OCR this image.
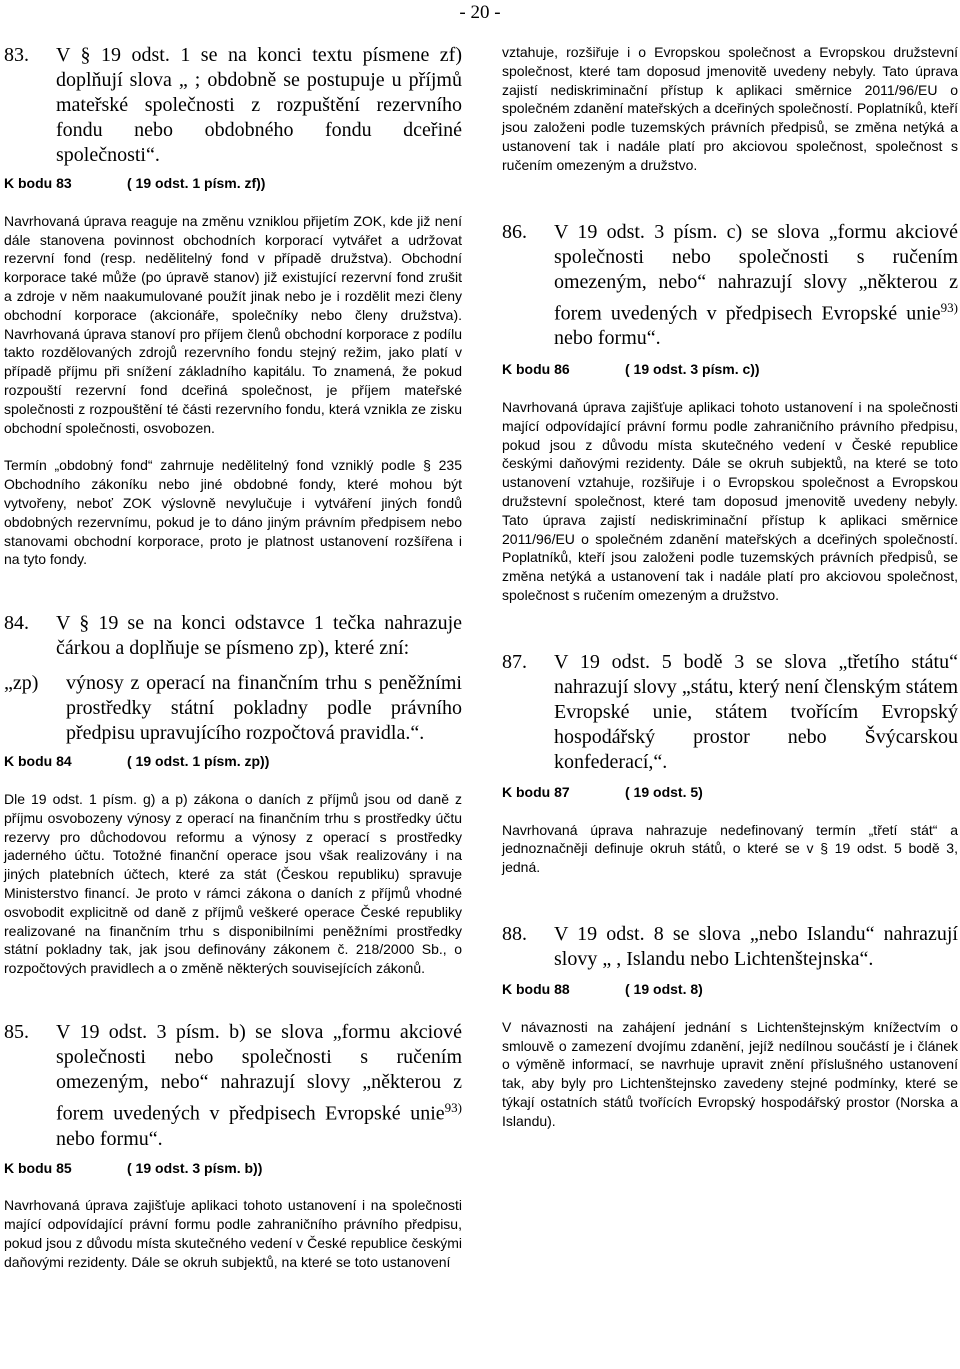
- 20 -
83.	V § 19 odst. 1 se na konci textu písmene zf) doplňují slova „ ; obdobně se postupuje u příjmů mateřské společnosti z rozpuštění rezervního fondu nebo obdobného fondu dceřiné společnosti“.
K bodu 83	( 19 odst. 1 písm. zf))

Navrhovaná úprava reaguje na změnu vzniklou přijetím ZOK, kde již není dále stanovena povinnost obchodních korporací vytvářet a udržovat rezervní fond (resp. nedělitelný fond v případě družstva). Obchodní korporace také může (po úpravě stanov) již existující rezervní fond zrušit a zdroje v něm naakumulované použít jinak nebo je i rozdělit mezi členy obchodní korporace (akcionáře, společníky nebo členy družstva). Navrhovaná úprava stanoví pro příjem členů obchodní korporace z podílu takto rozdělovaných zdrojů rezervního fondu stejný režim, jako platí v případě příjmu při snížení základního kapitálu. To znamená, že pokud rozpouští rezervní fond dceřiná společnost, je příjem mateřské společnosti z rozpouštění té části rezervního fondu, která vznikla ze zisku obchodní společnosti, osvobozen.

Termín „obdobný fond“ zahrnuje nedělitelný fond vzniklý podle § 235 Obchodního zákoníku nebo jiné obdobné fondy, které mohou být vytvořeny, neboť ZOK výslovně nevylučuje i vytváření jiných fondů obdobných rezervnímu, pokud je to dáno jiným právním předpisem nebo stanovami obchodní korporace, proto je platnost ustanovení rozšířena i na tyto fondy.

84.	V § 19 se na konci odstavce 1 tečka nahrazuje čárkou a doplňuje se písmeno zp), které zní:
„zp)	výnosy z operací na finančním trhu s peněžními prostředky státní pokladny podle právního předpisu upravujícího rozpočtová pravidla.“.
K bodu 84	( 19 odst. 1 písm. zp))

Dle 19 odst. 1 písm. g) a p) zákona o daních z příjmů jsou od daně z příjmu osvobozeny výnosy z operací na finančním trhu s prostředky účtu rezervy pro důchodovou reformu a výnosy z operací s prostředky jaderného účtu. Totožné finanční operace jsou však realizovány i na jiných platebních účtech, které za stát (Českou republiku) spravuje Ministerstvo financí. Je proto v rámci zákona o daních z příjmů vhodné osvobodit explicitně od daně z příjmů veškeré operace České republiky realizované na finančním trhu s disponibilními peněžními prostředky státní pokladny tak, jak jsou definovány zákonem č. 218/2000 Sb., o rozpočtových pravidlech a o změně některých souvisejících zákonů.

85.	V 19 odst. 3 písm. b) se slova „formu akciové společnosti nebo společnosti s ručením omezeným, nebo“ nahrazují slovy „některou z forem uvedených v předpisech Evropské unie$^{93)}$ nebo formu“.
K bodu 85	( 19 odst. 3 písm. b))

Navrhovaná úprava zajišťuje aplikaci tohoto ustanovení i na společnosti mající odpovídající právní formu podle zahraničního právního předpisu, pokud jsou z důvodu místa skutečného vedení v České republice českými daňovými rezidenty. Dále se okruh subjektů, na které se toto ustanovení

vztahuje, rozšiřuje i o Evropskou společnost a Evropskou družstevní společnost, které tam doposud jmenovitě uvedeny nebyly. Tato úprava zajistí nediskriminační přístup k aplikaci směrnice 2011/96/EU o společném zdanění mateřských a dceřiných společností. Poplatníků, kteří jsou založeni podle tuzemských právních předpisů, se změna netýká a ustanovení tak i nadále platí pro akciovou společnost, společnost s ručením omezeným a družstvo.

86.	V 19 odst. 3 písm. c) se slova „formu akciové společnosti nebo společnosti s ručením omezeným, nebo“ nahrazují slovy „některou z forem uvedených v předpisech Evropské unie$^{93)}$ nebo formu“.
K bodu 86	( 19 odst. 3 písm. c))

Navrhovaná úprava zajišťuje aplikaci tohoto ustanovení i na společnosti mající odpovídající právní formu podle zahraničního právního předpisu, pokud jsou z důvodu místa skutečného vedení v České republice českými daňovými rezidenty. Dále se okruh subjektů, na které se toto ustanovení vztahuje, rozšiřuje i o Evropskou společnost a Evropskou družstevní společnost, které tam doposud jmenovitě uvedeny nebyly. Tato úprava zajistí nediskriminační přístup k aplikaci směrnice 2011/96/EU o společném zdanění mateřských a dceřiných společností. Poplatníků, kteří jsou založeni podle tuzemských právních předpisů, se změna netýká a ustanovení tak i nadále platí pro akciovou společnost, společnost s ručením omezeným a družstvo.

87.	V 19 odst. 5 bodě 3 se slova „třetího státu“ nahrazují slovy „státu, který není členským státem Evropské unie, státem tvořícím Evropský hospodářský prostor nebo Švýcarskou konfederací,“.
K bodu 87	( 19 odst. 5)

Navrhovaná úprava nahrazuje nedefinovaný termín „třetí stát“ a jednoznačněji definuje okruh států, o které se v § 19 odst. 5 bodě 3, jedná.

88.	V 19 odst. 8 se slova „nebo Islandu“ nahrazují slovy „ , Islandu nebo Lichtenštejnska“.
K bodu 88	( 19 odst. 8)

V návaznosti na zahájení jednání s Lichtenštejnským knížectvím o smlouvě o zamezení dvojímu zdanění, jejíž nedílnou součástí je i článek o výměně informací, se navrhuje upravit znění příslušného ustanovení tak, aby byly pro Lichtenštejnsko zavedeny stejné podmínky, které se týkají ostatních států tvořících Evropský hospodářský prostor (Norska a Islandu).
